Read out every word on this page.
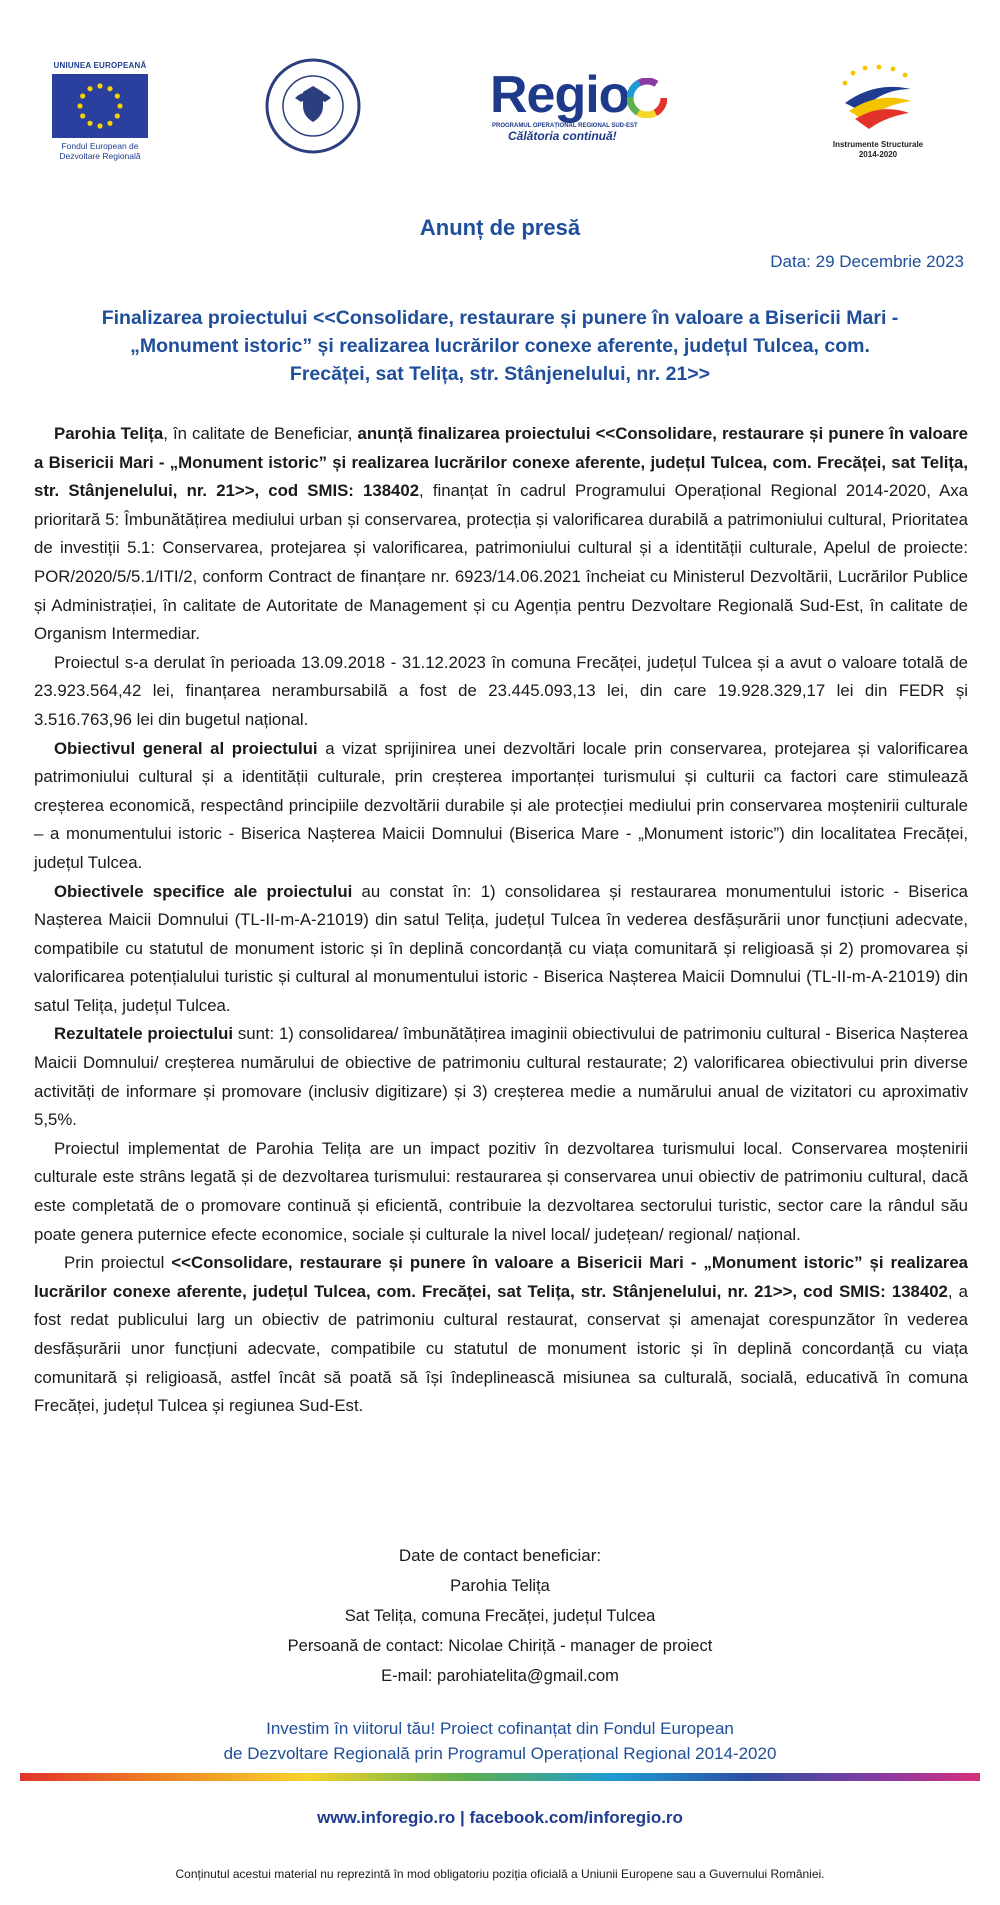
UNIUNEA EUROPEANĂ
Fondul European de Dezvoltare Regională
Regio
PROGRAMUL OPERAȚIONAL REGIONAL SUD-EST
Călătoria continuă!
Instrumente Structurale
2014-2020
Anunț de presă
Data: 29 Decembrie 2023
Finalizarea proiectului <<Consolidare, restaurare și punere în valoare a Bisericii Mari - „Monument istoric” și realizarea lucrărilor conexe aferente, județul Tulcea, com. Frecăței, sat Telița, str. Stânjenelului, nr. 21>>

Parohia Telița, în calitate de Beneficiar, anunță finalizarea proiectului <<Consolidare, restaurare și punere în valoare a Bisericii Mari - „Monument istoric” și realizarea lucrărilor conexe aferente, județul Tulcea, com. Frecăței, sat Telița, str. Stânjenelului, nr. 21>>, cod SMIS: 138402, finanțat în cadrul Programului Operațional Regional 2014-2020, Axa prioritară 5: Îmbunătățirea mediului urban și conservarea, protecția și valorificarea durabilă a patrimoniului cultural, Prioritatea de investiții 5.1: Conservarea, protejarea și valorificarea, patrimoniului cultural și a identității culturale, Apelul de proiecte: POR/2020/5/5.1/ITI/2, conform Contract de finanțare nr. 6923/14.06.2021 încheiat cu Ministerul Dezvoltării, Lucrărilor Publice și Administrației, în calitate de Autoritate de Management și cu Agenția pentru Dezvoltare Regională Sud-Est, în calitate de Organism Intermediar.

Proiectul s-a derulat în perioada 13.09.2018 - 31.12.2023 în comuna Frecăței, județul Tulcea și a avut o valoare totală de 23.923.564,42 lei, finanțarea nerambursabilă a fost de 23.445.093,13 lei, din care 19.928.329,17 lei din FEDR și 3.516.763,96 lei din bugetul național.

Obiectivul general al proiectului a vizat sprijinirea unei dezvoltări locale prin conservarea, protejarea și valorificarea patrimoniului cultural și a identității culturale, prin creșterea importanței turismului și culturii ca factori care stimulează creșterea economică, respectând principiile dezvoltării durabile și ale protecției mediului prin conservarea moștenirii culturale – a monumentului istoric - Biserica Nașterea Maicii Domnului (Biserica Mare - „Monument istoric”) din localitatea Frecăței, județul Tulcea.

Obiectivele specifice ale proiectului au constat în: 1) consolidarea și restaurarea monumentului istoric - Biserica Nașterea Maicii Domnului (TL-II-m-A-21019) din satul Telița, județul Tulcea în vederea desfășurării unor funcțiuni adecvate, compatibile cu statutul de monument istoric și în deplină concordanță cu viața comunitară și religioasă și 2) promovarea și valorificarea potențialului turistic și cultural al monumentului istoric - Biserica Nașterea Maicii Domnului (TL-II-m-A-21019) din satul Telița, județul Tulcea.

Rezultatele proiectului sunt: 1) consolidarea/ îmbunătățirea imaginii obiectivului de patrimoniu cultural - Biserica Nașterea Maicii Domnului/ creșterea numărului de obiective de patrimoniu cultural restaurate; 2) valorificarea obiectivului prin diverse activități de informare și promovare (inclusiv digitizare) și 3) creșterea medie a numărului anual de vizitatori cu aproximativ 5,5%.

Proiectul implementat de Parohia Telița are un impact pozitiv în dezvoltarea turismului local. Conservarea moștenirii culturale este strâns legată și de dezvoltarea turismului: restaurarea și conservarea unui obiectiv de patrimoniu cultural, dacă este completată de o promovare continuă și eficientă, contribuie la dezvoltarea sectorului turistic, sector care la rândul său poate genera puternice efecte economice, sociale și culturale la nivel local/ județean/ regional/ național.

Prin proiectul <<Consolidare, restaurare și punere în valoare a Bisericii Mari - „Monument istoric” și realizarea lucrărilor conexe aferente, județul Tulcea, com. Frecăței, sat Telița, str. Stânjenelului, nr. 21>>, cod SMIS: 138402, a fost redat publicului larg un obiectiv de patrimoniu cultural restaurat, conservat și amenajat corespunzător în vederea desfășurării unor funcțiuni adecvate, compatibile cu statutul de monument istoric și în deplină concordanță cu viața comunitară și religioasă, astfel încât să poată să își îndeplinească misiunea sa culturală, socială, educativă în comuna Frecăței, județul Tulcea și regiunea Sud-Est.

Date de contact beneficiar:
Parohia Telița
Sat Telița, comuna Frecăței, județul Tulcea
Persoană de contact: Nicolae Chiriță - manager de proiect
E-mail: parohiatelita@gmail.com
Investim în viitorul tău! Proiect cofinanțat din Fondul European
de Dezvoltare Regională prin Programul Operațional Regional 2014-2020
www.inforegio.ro | facebook.com/inforegio.ro
Conținutul acestui material nu reprezintă în mod obligatoriu poziția oficială a Uniunii Europene sau a Guvernului României.
